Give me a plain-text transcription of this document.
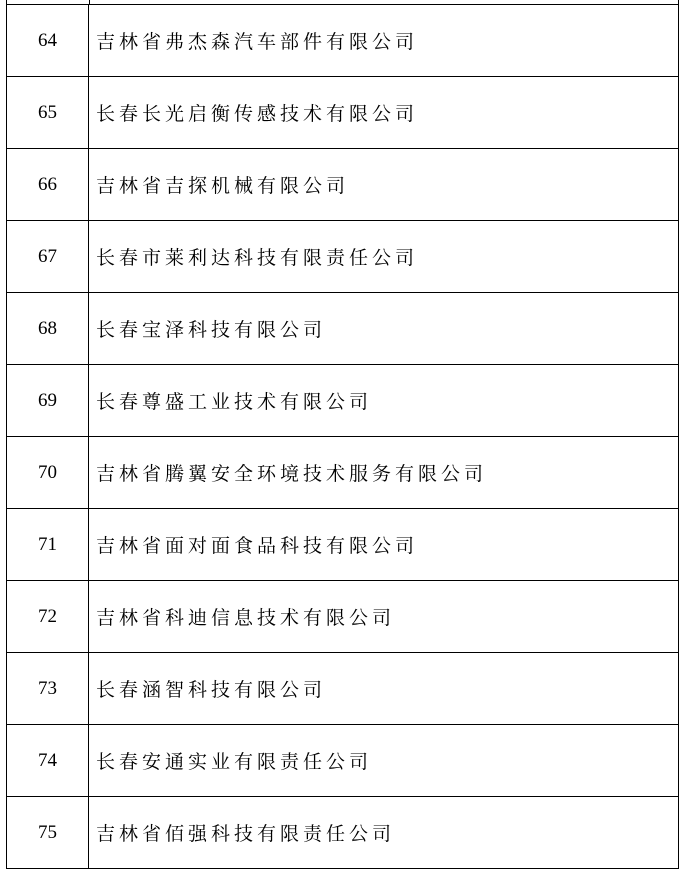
64	吉林省弗杰森汽车部件有限公司
65	长春长光启衡传感技术有限公司
66	吉林省吉探机械有限公司
67	长春市莱利达科技有限责任公司
68	长春宝泽科技有限公司
69	长春尊盛工业技术有限公司
70	吉林省腾翼安全环境技术服务有限公司
71	吉林省面对面食品科技有限公司
72	吉林省科迪信息技术有限公司
73	长春涵智科技有限公司
74	长春安通实业有限责任公司
75	吉林省佰强科技有限责任公司
